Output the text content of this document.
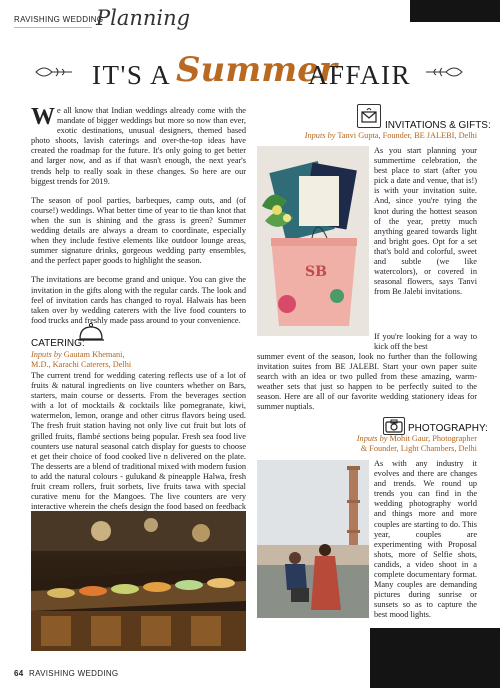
RAVISHING WEDDING
Planning
IT'S A Summer
AFFAIR
We all know that Indian weddings already come with the mandate of bigger weddings but more so now than ever, exotic destinations, unusual designers, themed based photo shoots, lavish caterings and over-the-top ideas have created the roadmap for the future. It's only going to get better and larger now, and as if that wasn't enough, the next year's trends help to really soak in these changes. So here are our biggest trends for 2019.
The season of pool parties, barbeques, camp outs, and (of course!) weddings. What better time of year to tie than knot that when the sun is shining and the grass is green? Summer wedding details are always a dream to coordinate, especially when they include festive elements like outdoor lounge areas, summer signature drinks, gorgeous wedding party ensembles, and the perfect paper goods to highlight the season.
The invitations are become grand and unique. You can give the invitation in the gifts along with the regular cards. The look and feel of invitation cards has changed to royal. Halwais has been taken over by wedding caterers with the live food counters to food trucks and freshly made pass around to your convenience.
CATERING:
Inputs by Gautam Khemani,
M.D., Karachi Caterers, Delhi
The current trend for wedding catering reflects use of a lot of fruits & natural ingredients on live counters whether on Bars, starters, main course or desserts. From the beverages section with a lot of mocktails & cocktails like pomegranate, kiwi, watermelon, lemon, orange and other citrus flavors being used. The fresh fruit station having not only live cut fruit but lots of grilled fruits, flambé sections being popular. Fresh sea food live counters use natural seasonal catch display for guests to choose et get their choice of food cooked live n delivered on the plate. The desserts are a blend of traditional mixed with modern fusion to add the natural colours - gulukand & pineapple Halwa, fresh fruit cream rollers, fruit sorbets, live fruits tawa with special curative menu for the Mangoes. The live counters are very interactive wherein the chefs design the food based on feedback
INVITATIONS & GIFTS:
Inputs by Tanvi Gupta, Founder, BE JALEBI, Delhi
SB
As you start planning your summertime celebration, the best place to start (after you pick a date and venue, that is!) is with your invitation suite. And, since you're tying the knot during the hottest season of the year, pretty much anything geared towards light and bright goes. Opt for a set that's bold and colorful, sweet and subtle (we like watercolors), or covered in seasonal flowers, says Tanvi from Be Jalebi invitations.
If you're looking for a way to kick off the best
summer event of the season, look no further than the following invitation suites from BE JALEBI. Start your own paper suite search with an idea or two pulled from these amazing, warm-weather sets that just so happen to be perfectly suited to the season. Here are all of our favorite wedding stationery ideas for summer nuptials.
PHOTOGRAPHY:
Inputs by Mohit Gaur, Photographer
& Founder, Light Chambers, Delhi
As with any industry it evolves and there are changes and trends. We round up trends you can find in the wedding photography world and things more and more couples are starting to do. This year, couples are experimenting with Proposal shots, more of Selfie shots, candids, a video shoot in a complete documentary format. Many couples are demanding pictures during sunrise or sunsets so as to capture the best mood lights.
64 RAVISHING WEDDING
